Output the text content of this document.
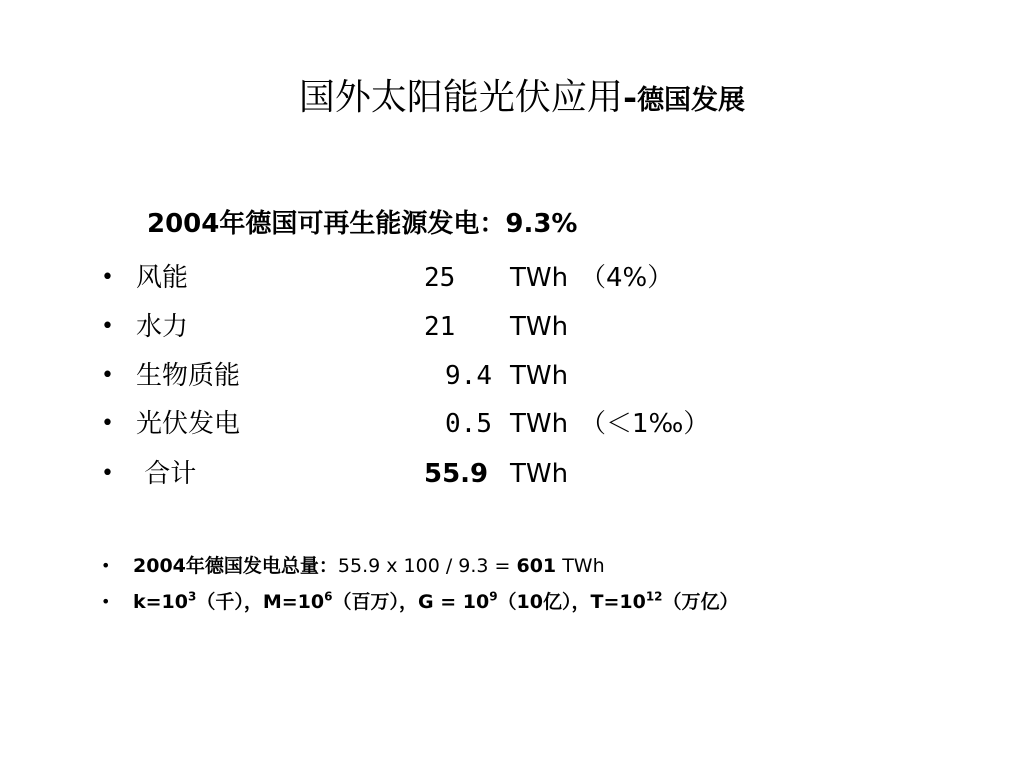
国外太阳能光伏应用-德国发展
2004年德国可再生能源发电：9.3%
• 风能	25	TWh （4%）
• 水力	21	TWh
• 生物质能	9.4 TWh
• 光伏发电	0.5 TWh （＜1‰）
• 合计	55.9 TWh
• 2004年德国发电总量：55.9 x 100 / 9.3 = 601 TWh
• $k=10^3$（千），$M=10^6$（百万），$G = 10^9(10$亿），$T=10^{12}$（万亿）
